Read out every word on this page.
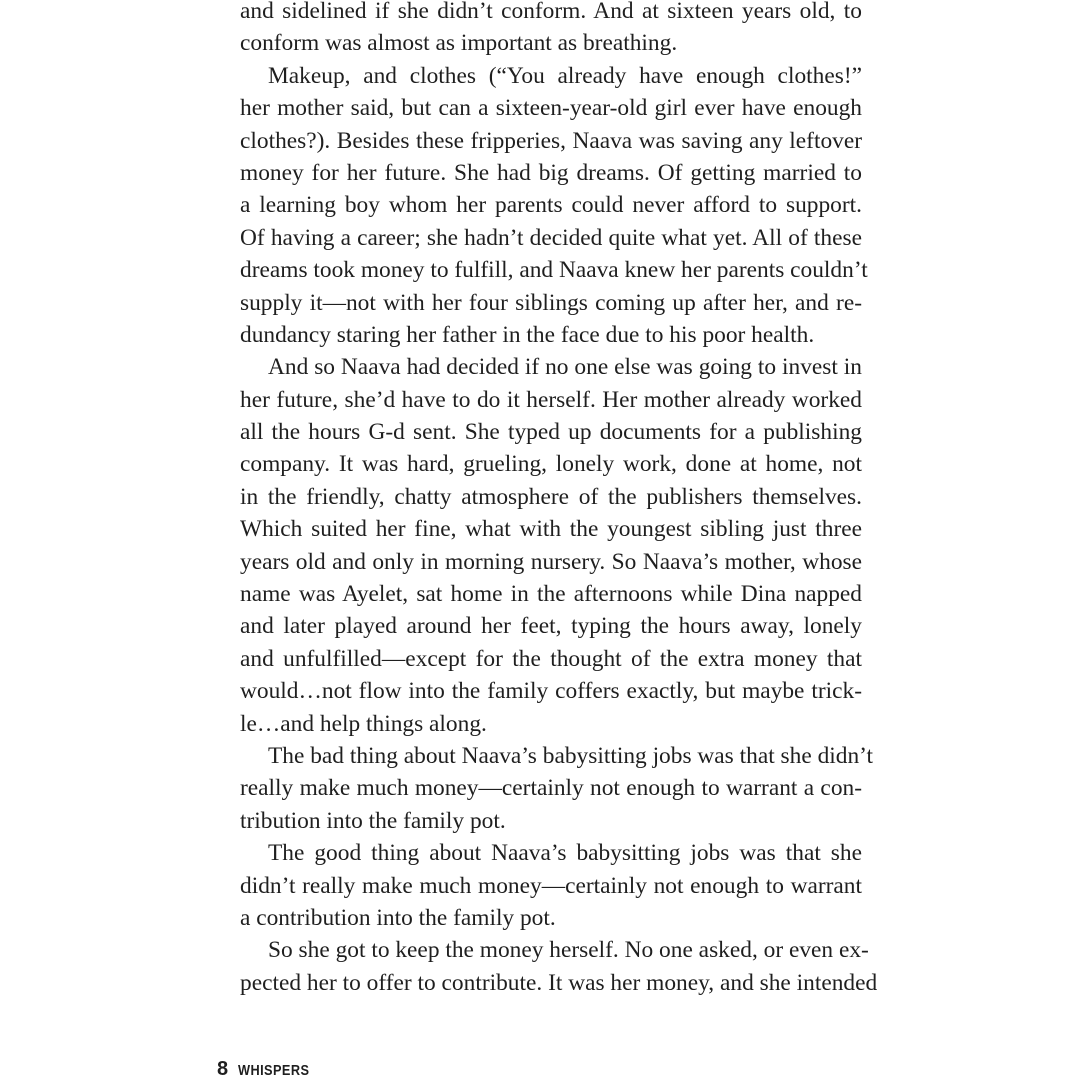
and sidelined if she didn’t conform. And at sixteen years old, to
conform was almost as important as breathing.
Makeup, and clothes (“You already have enough clothes!”
her mother said, but can a sixteen-year-old girl ever have enough
clothes?). Besides these fripperies, Naava was saving any leftover
money for her future. She had big dreams. Of getting married to
a learning boy whom her parents could never afford to support.
Of having a career; she hadn’t decided quite what yet. All of these
dreams took money to fulfill, and Naava knew her parents couldn’t
supply it—not with her four siblings coming up after her, and re-
dundancy staring her father in the face due to his poor health.
And so Naava had decided if no one else was going to invest in
her future, she’d have to do it herself. Her mother already worked
all the hours G-d sent. She typed up documents for a publishing
company. It was hard, grueling, lonely work, done at home, not
in the friendly, chatty atmosphere of the publishers themselves.
Which suited her fine, what with the youngest sibling just three
years old and only in morning nursery. So Naava’s mother, whose
name was Ayelet, sat home in the afternoons while Dina napped
and later played around her feet, typing the hours away, lonely
and unfulfilled—except for the thought of the extra money that
would…not flow into the family coffers exactly, but maybe trick-
le…and help things along.
The bad thing about Naava’s babysitting jobs was that she didn’t
really make much money—certainly not enough to warrant a con-
tribution into the family pot.
The good thing about Naava’s babysitting jobs was that she
didn’t really make much money—certainly not enough to warrant
a contribution into the family pot.
So she got to keep the money herself. No one asked, or even ex-
pected her to offer to contribute. It was her money, and she intended
8 WHISPERS
